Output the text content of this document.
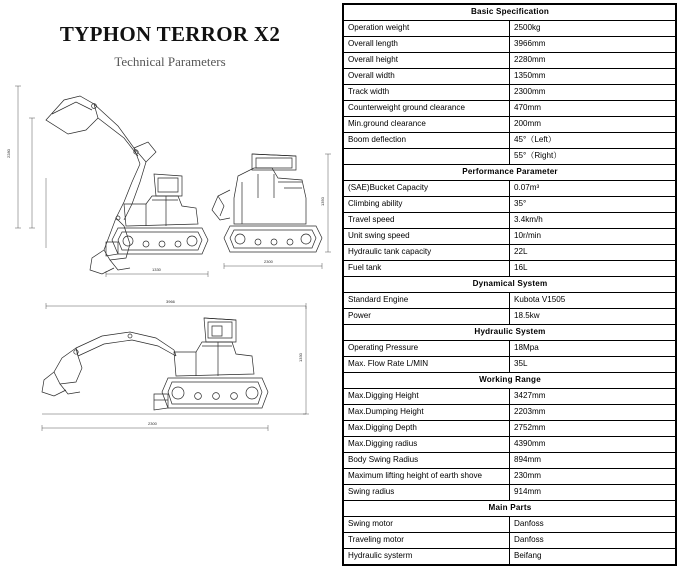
TYPHON TERROR X2
Technical Parameters
2280
1350
2300
1330
3966
1330
2300
Basic Specification	
Operation weight	2500kg
Overall length	3966mm
Overall height	2280mm
Overall width	1350mm
Track width	2300mm
Counterweight ground clearance	470mm
Min.ground clearance	200mm
Boom deflection	45°（Left）
	55°（Right）
Performance Parameter	
(SAE)Bucket Capacity	0.07m³
Climbing ability	35°
Travel speed	3.4km/h
Unit swing speed	10r/min
Hydraulic tank capacity	22L
Fuel tank	16L
Dynamical System	
Standard Engine	Kubota V1505
Power	18.5kw
Hydraulic System	
Operating Pressure	18Mpa
Max. Flow Rate L/MIN	35L
Working Range	
Max.Digging Height	3427mm
Max.Dumping Height	2203mm
Max.Digging Depth	2752mm
Max.Digging radius	4390mm
Body Swing Radius	894mm
Maximum lifting height of earth shove	230mm
Swing radius	914mm
Main Parts	
Swing motor	Danfoss
Traveling motor	Danfoss
Hydraulic systerm	Beifang
